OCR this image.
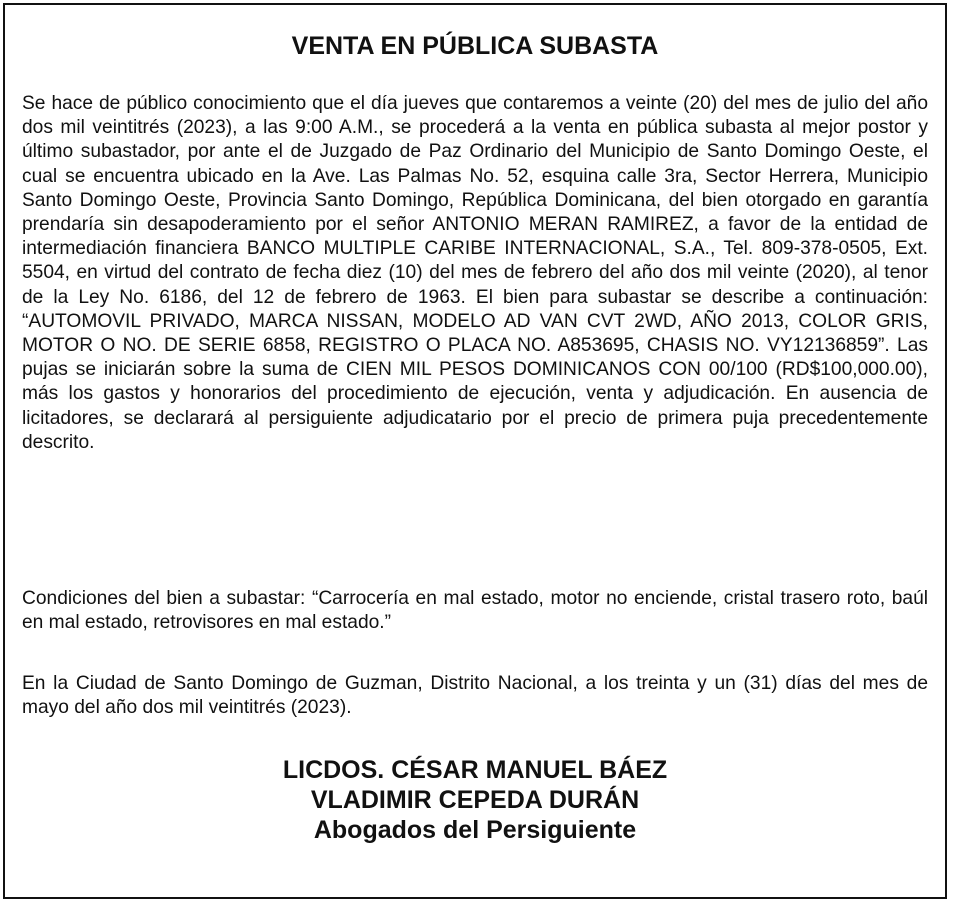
VENTA EN PÚBLICA SUBASTA

Se hace de público conocimiento que el día jueves que contaremos a veinte (20) del mes de julio del año dos mil veintitrés (2023), a las 9:00 A.M., se procederá a la venta en pública subasta al mejor postor y último subastador, por ante el de Juzgado de Paz Ordinario del Municipio de Santo Domingo Oeste, el cual se encuentra ubicado en la Ave. Las Palmas No. 52, esquina calle 3ra, Sector Herrera, Municipio Santo Domingo Oeste, Provincia Santo Domingo, República Dominicana, del bien otorgado en garantía prendaría sin desapoderamiento por el señor ANTONIO MERAN RAMIREZ, a favor de la entidad de intermediación financiera BANCO MULTIPLE CARIBE INTERNACIONAL, S.A., Tel. 809-378-0505, Ext. 5504, en virtud del contrato de fecha diez (10) del mes de febrero del año dos mil veinte (2020), al tenor de la Ley No. 6186, del 12 de febrero de 1963. El bien para subastar se describe a continuación: “AUTOMOVIL PRIVADO, MARCA NISSAN, MODELO AD VAN CVT 2WD, AÑO 2013, COLOR GRIS, MOTOR O NO. DE SERIE 6858, REGISTRO O PLACA NO. A853695, CHASIS NO. VY12136859”. Las pujas se iniciarán sobre la suma de CIEN MIL PESOS DOMINICANOS CON 00/100 (RD$100,000.00), más los gastos y honorarios del procedimiento de ejecución, venta y adjudicación. En ausencia de licitadores, se declarará al persiguiente adjudicatario por el precio de primera puja precedentemente descrito.

Condiciones del bien a subastar: “Carrocería en mal estado, motor no enciende, cristal trasero roto, baúl en mal estado, retrovisores en mal estado.”

En la Ciudad de Santo Domingo de Guzman, Distrito Nacional, a los treinta y un (31) días del mes de mayo del año dos mil veintitrés (2023).

LICDOS. CÉSAR MANUEL BÁEZ
VLADIMIR CEPEDA DURÁN
Abogados del Persiguiente
